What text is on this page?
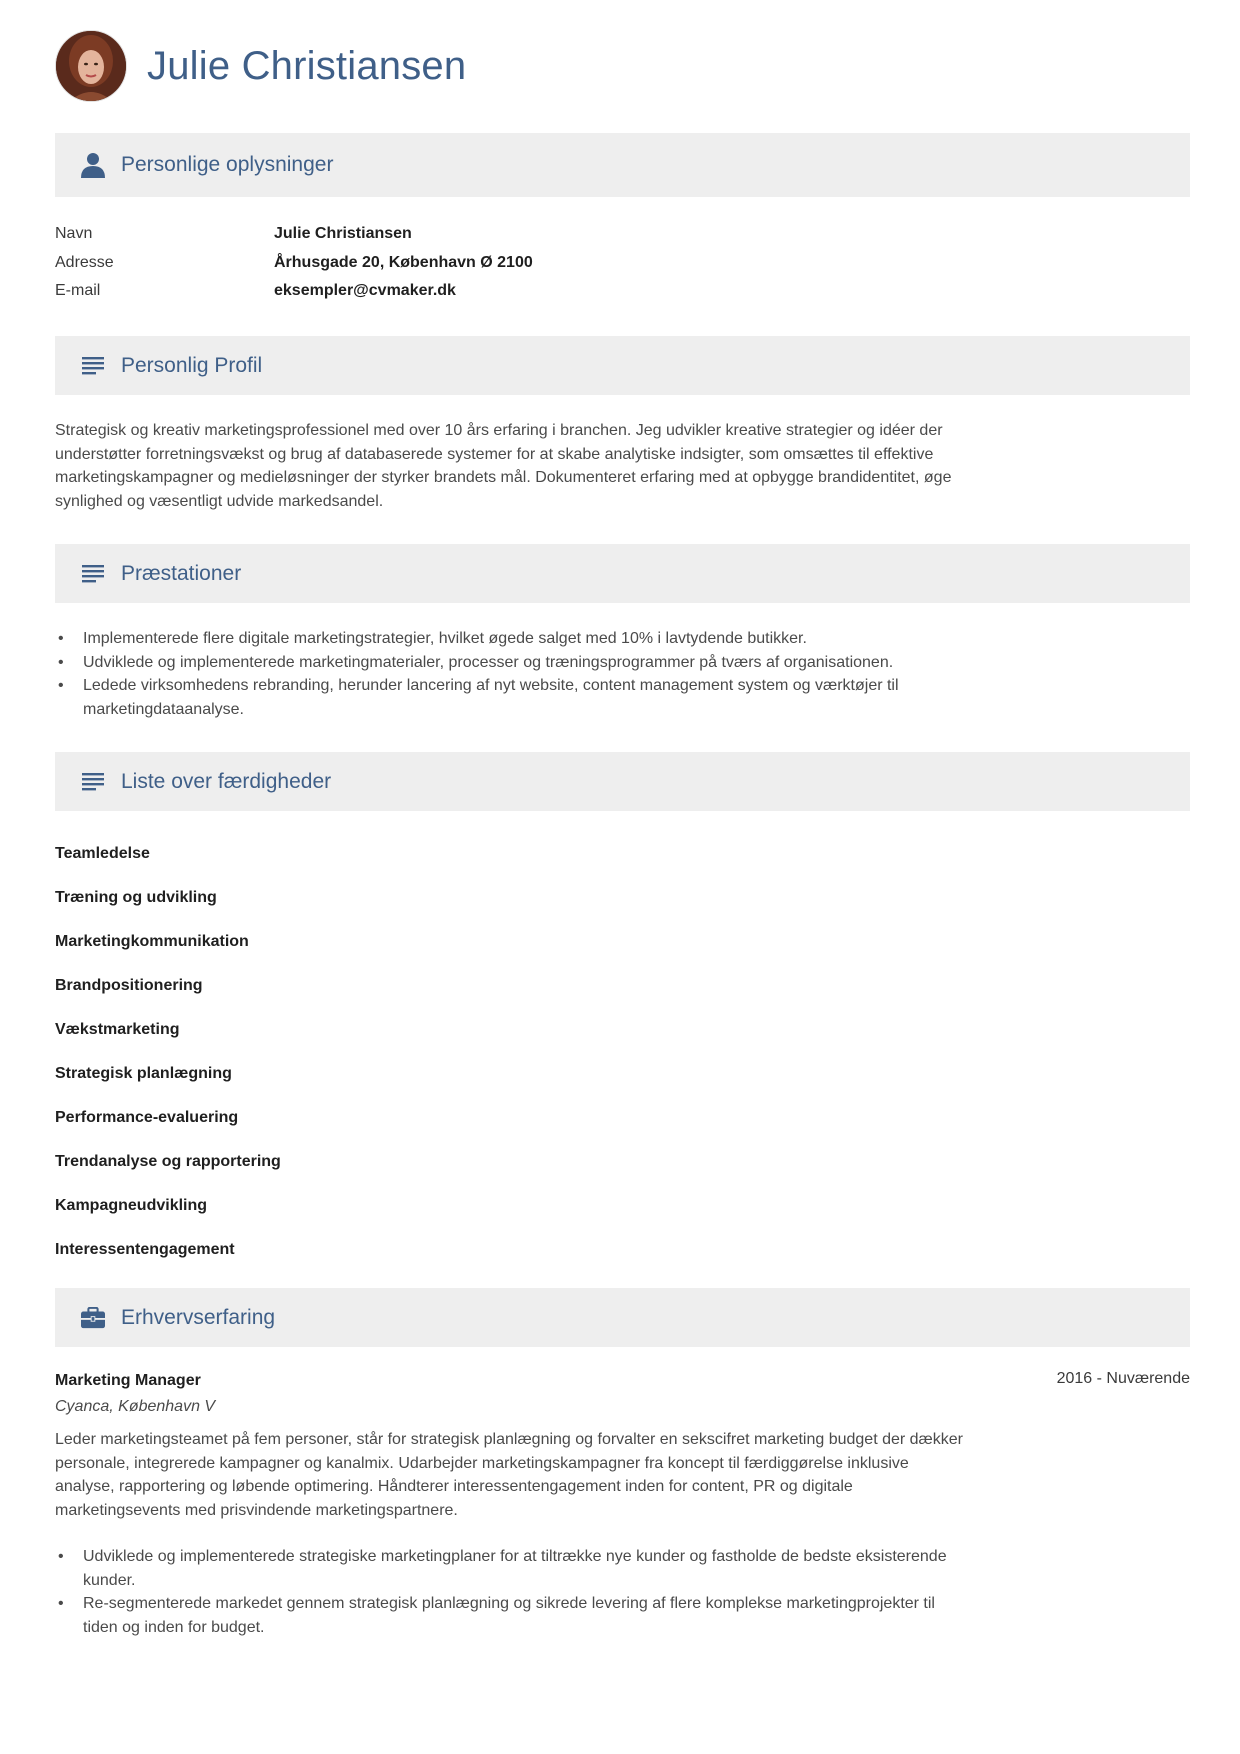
Julie Christiansen
Personlige oplysninger
Navn	Julie Christiansen
Adresse	Århusgade 20, København Ø 2100
E-mail	eksempler@cvmaker.dk
Personlig Profil
Strategisk og kreativ marketingsprofessionel med over 10 års erfaring i branchen. Jeg udvikler kreative strategier og idéer der
understøtter forretningsvækst og brug af databaserede systemer for at skabe analytiske indsigter, som omsættes til effektive
marketingskampagner og medieløsninger der styrker brandets mål. Dokumenteret erfaring med at opbygge brandidentitet, øge
synlighed og væsentligt udvide markedsandel.
Præstationer
• Implementerede flere digitale marketingstrategier, hvilket øgede salget med 10% i lavtydende butikker.
• Udviklede og implementerede marketingmaterialer, processer og træningsprogrammer på tværs af organisationen.
• Ledede virksomhedens rebranding, herunder lancering af nyt website, content management system og værktøjer til
marketingdataanalyse.
Liste over færdigheder
Teamledelse
Træning og udvikling
Marketingkommunikation
Brandpositionering
Vækstmarketing
Strategisk planlægning
Performance-evaluering
Trendanalyse og rapportering
Kampagneudvikling
Interessentengagement
Erhvervserfaring
Marketing Manager	2016 - Nuværende
Cyanca, København V
Leder marketingsteamet på fem personer, står for strategisk planlægning og forvalter en sekscifret marketing budget der dækker
personale, integrerede kampagner og kanalmix. Udarbejder marketingskampagner fra koncept til færdiggørelse inklusive
analyse, rapportering og løbende optimering. Håndterer interessentengagement inden for content, PR og digitale
marketingsevents med prisvindende marketingspartnere.
• Udviklede og implementerede strategiske marketingplaner for at tiltrække nye kunder og fastholde de bedste eksisterende
kunder.
• Re-segmenterede markedet gennem strategisk planlægning og sikrede levering af flere komplekse marketingprojekter til
tiden og inden for budget.
